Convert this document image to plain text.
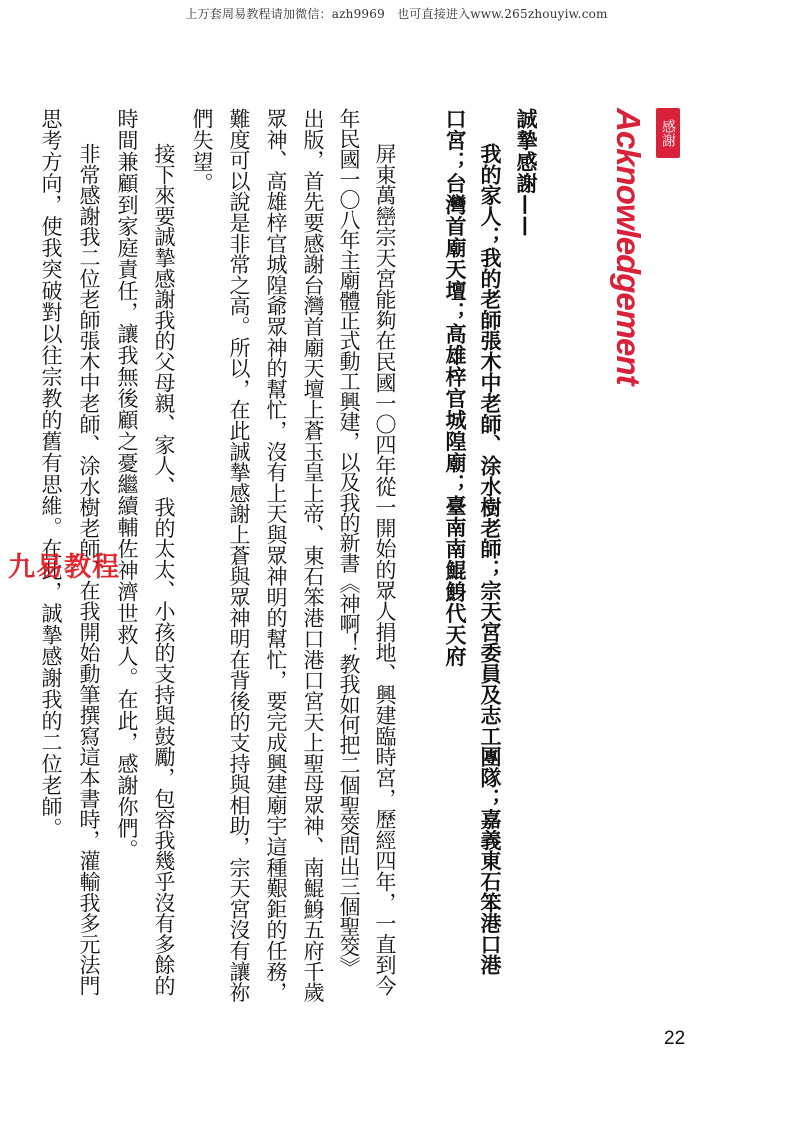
上万套周易教程请加微信：azh9969　也可直接进入www.265zhouyiw.com
感謝
Acknowledgement
誠摯感謝——
我的家人；我的老師張木中老師、涂水樹老師；宗天宮委員及志工團隊；嘉義東石笨港口港
口宮；台灣首廟天壇；高雄梓官城隍廟；臺南南鯤鯓代天府
屏東萬巒宗天宮能夠在民國一〇四年從一開始的眾人捐地、興建臨時宮，歷經四年，一直到今
年民國一〇八年主廟體正式動工興建，以及我的新書《神啊！教我如何把二個聖筊問出三個聖筊》
出版，首先要感謝台灣首廟天壇上蒼玉皇上帝、東石笨港口港口宮天上聖母眾神、南鯤鯓五府千歲
眾神、高雄梓官城隍爺眾神的幫忙，沒有上天與眾神明的幫忙，要完成興建廟宇這種艱鉅的任務，
難度可以說是非常之高。所以，在此誠摯感謝上蒼與眾神明在背後的支持與相助，宗天宮沒有讓祢
們失望。
接下來要誠摯感謝我的父母親、家人、我的太太、小孩的支持與鼓勵，包容我幾乎沒有多餘的
時間兼顧到家庭責任，讓我無後顧之憂繼續輔佐神濟世救人。在此，感謝你們。
非常感謝我二位老師張木中老師、涂水樹老師，在我開始動筆撰寫這本書時，灌輸我多元法門
思考方向，使我突破對以往宗教的舊有思維。在此，誠摯感謝我的二位老師。
九易教程
22
